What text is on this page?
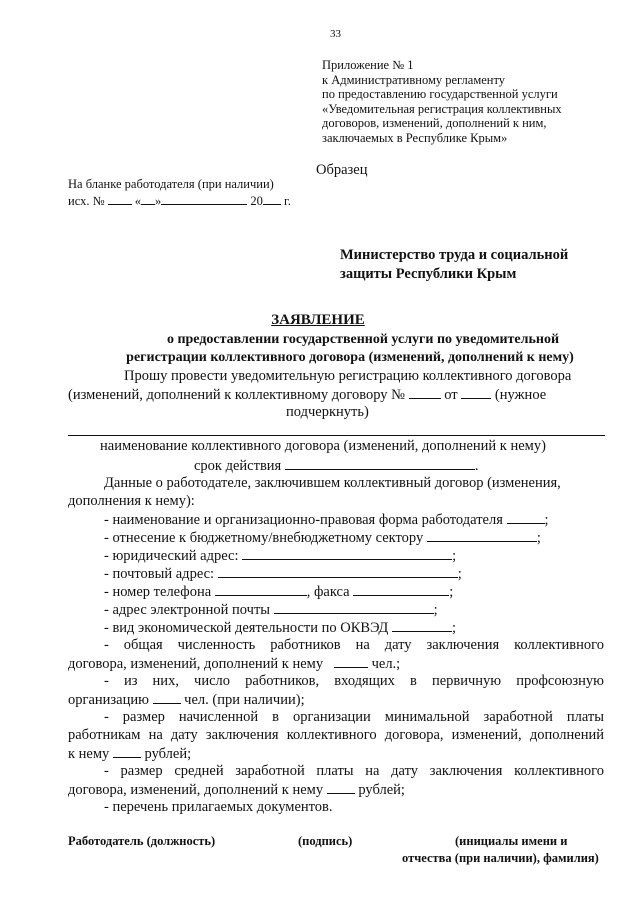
33
Приложение № 1
к Административному регламенту
по предоставлению государственной услуги
«Уведомительная регистрация коллективных
договоров, изменений, дополнений к ним,
заключаемых в Республике Крым»
Образец
На бланке работодателя (при наличии)
исх. № « »	20 г.
Министерство труда и социальной
защиты Республики Крым
ЗАЯВЛЕНИЕ
о предоставлении государственной услуги по уведомительной
регистрации коллективного договора (изменений, дополнений к нему)
Прошу провести уведомительную регистрацию коллективного договора
(изменений, дополнений к коллективному договору №	от	(нужное
подчеркнуть)
наименование коллективного договора (изменений, дополнений к нему)
срок действия	.
Данные о работодателе, заключившем коллективный договор (изменения,
дополнения к нему):
- наименование и организационно-правовая форма работодателя	;
- отнесение к бюджетному/внебюджетному сектору	;
- юридический адрес:	;
- почтовый адрес:	;
- номер телефона	, факса	;
- адрес электронной почты	;
- вид экономической деятельности по ОКВЭД	;
- общая численность работников на дату заключения коллективного
договора, изменений, дополнений к нему	чел.;
- из них, число работников, входящих в первичную профсоюзную
организацию чел. (при наличии);
- размер начисленной в организации минимальной заработной платы
работникам на дату заключения коллективного договора, изменений, дополнений
к нему рублей;
- размер средней заработной платы на дату заключения коллективного
договора, изменений, дополнений к нему рублей;
- перечень прилагаемых документов.
Работодатель (должность)	(подпись)	(инициалы имени и
отчества (при наличии), фамилия)
